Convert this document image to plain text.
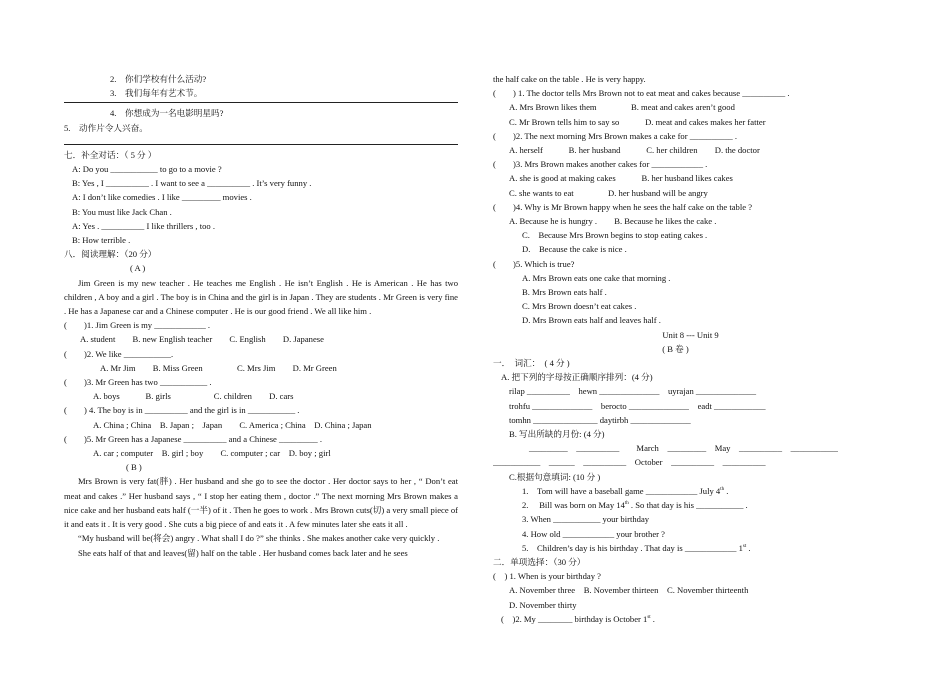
2.　你们学校有什么活动?
3.　我们每年有艺术节。
4.　你想成为一名电影明星吗?
5.　动作片令人兴奋。
七．补全对话：（ 5 分 ）
A: Do you ___________ to go to a movie ?
B: Yes , I __________ . I want to see a __________ . It’s very funny .
A: I don’t like comedies . I like _________ movies .
B: You must like Jack Chan .
A: Yes . __________ I like thrillers , too .
B: How terrible .
八．阅读理解：（20 分）
( A )
Jim Green is my new teacher . He teaches me English . He isn’t English . He is American . He has two children , A boy and a girl . The boy is in China and the girl is in Japan . They are students . Mr Green is very fine . He has a Japanese car and a Chinese computer . He is our good friend . We all like him .
(　　)1. Jim Green is my ____________ .
A. student　　B. new English teacher　　C. English　　D. Japanese
(　　)2. We like ___________.
A. Mr Jim　　B. Miss Green　　　　C. Mrs Jim　　D. Mr Green
(　　)3. Mr Green has two ___________ .
A. boys　　　B. girls　　　　　C. children　　D. cars
(　　) 4. The boy is in __________ and the girl is in ___________ .
A. China ; China　B. Japan ;　Japan　　C. America ; China　D. China ; Japan
(　　)5. Mr Green has a Japanese __________ and a Chinese _________ .
A. car ; computer　B. girl ; boy　　C. computer ; car　D. boy ; girl
( B )
Mrs Brown is very fat(胖) . Her husband and she go to see the doctor . Her doctor says to her , “ Don’t eat meat and cakes .” Her husband says , “ I stop her eating them , doctor .” The next morning Mrs Brown makes a nice cake and her husband eats half (一半) of it . Then he goes to work . Mrs Brown cuts(切) a very small piece of it and eats it . It is very good . She cuts a big piece of and eats it . A few minutes later she eats it all .
“My husband will be(将会) angry . What shall I do ?” she thinks . She makes another cake very quickly .
She eats half of that and leaves(留) half on the table . Her husband comes back later and he sees
the half cake on the table . He is very happy.
(　　) 1. The doctor tells Mrs Brown not to eat meat and cakes because __________ .
A. Mrs Brown likes them　　　　B. meat and cakes aren’t good
C. Mr Brown tells him to say so　　　D. meat and cakes makes her fatter
(　　)2. The next morning Mrs Brown makes a cake for __________ .
A. herself　　　B. her husband　　　C. her children　　D. the doctor
(　　)3. Mrs Brown makes another cakes for ____________ .
A. she is good at making cakes　　　B. her husband likes cakes
C. she wants to eat　　　　D. her husband will be angry
(　　)4. Why is Mr Brown happy when he sees the half cake on the table ?
A. Because he is hungry .　　B. Because he likes the cake .
C.　Because Mrs Brown begins to stop eating cakes .
D.　Because the cake is nice .
(　　)5. Which is true?
A. Mrs Brown eats one cake that morning .
B. Mrs Brown eats half .
C. Mrs Brown doesn’t eat cakes .
D. Mrs Brown eats half and leaves half .
Unit 8 --- Unit 9
( B 卷 )
一．　词汇：　( 4 分 )
A. 把下列的字母按正确顺序排列：(4 分)
rilap __________　hewn ______________　uyrajan ______________
trohfu ______________　berocto ______________　eadt ____________
tomhn _______________ daytirbh ______________
B. 写出所缺的月份: (4 分)
_________　__________　　March　_________　May　__________　___________
___________　______　__________　October　__________　__________
C.根据句意填词: (10 分 )
1.　Tom will have a baseball game ____________ July 4th .
2.　 Bill was born on May 14th . So that day is his ___________ .
3. When ___________ your birthday
4. How old ____________ your brother ?
5.　Children’s day is his birthday . That day is ____________ 1st .
二．单项选择：（30 分）
(　) 1. When is your birthday ?
A. November three　B. November thirteen　C. November thirteenth
D. November thirty
(　)2. My ________ birthday is October 1st .
